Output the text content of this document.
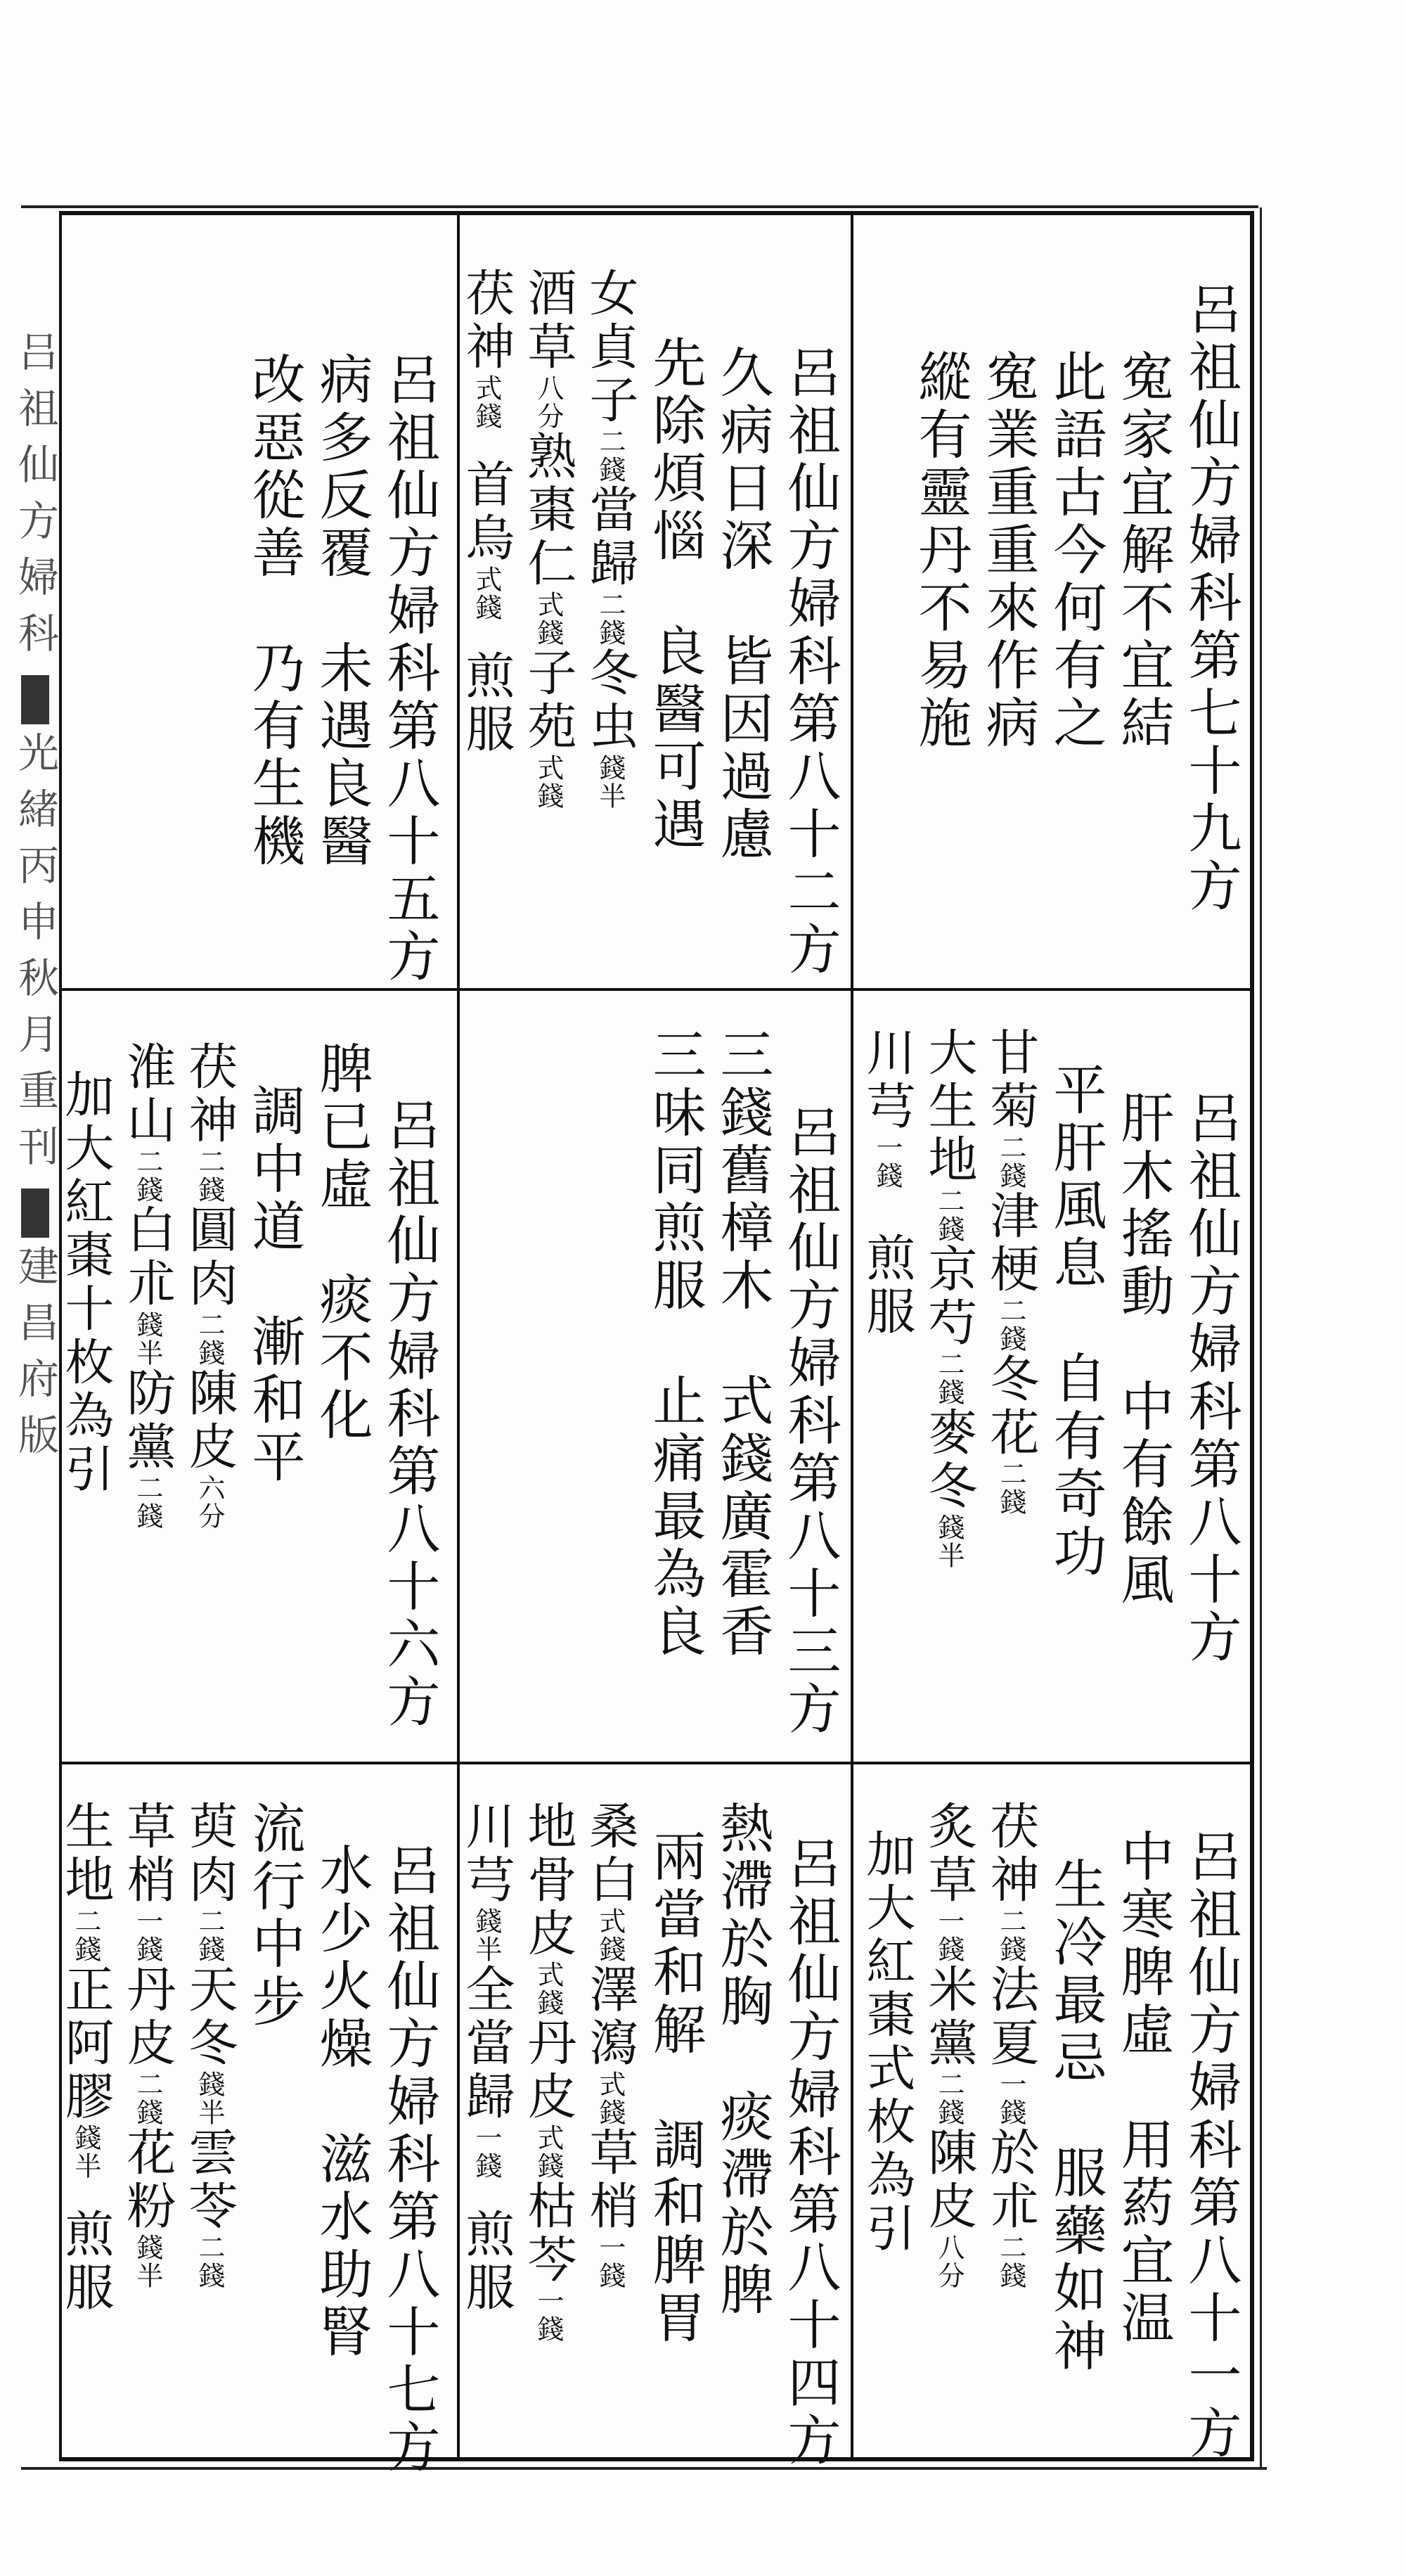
吕祖仙方婦科光緒丙申秋月重刊建昌府版
呂祖仙方婦科第七十九方
寃家宜解不宜結
此語古今何有之
寃業重重來作病
縱有靈丹不易施
呂祖仙方婦科第八十二方
久病日深　皆因過慮
先除煩惱　良醫可遇
女貞子二錢當歸二錢冬虫錢半
酒草八分熟棗仁式錢子苑式錢
茯神式錢首烏式錢煎服
呂祖仙方婦科第八十五方
病多反覆　未遇良醫
改惡從善　乃有生機
呂祖仙方婦科第八十方
肝木搖動　中有餘風
平肝風息　自有奇功
甘菊二錢津梗二錢冬花二錢
大生地二錢京芍二錢麥冬錢半
川芎一錢煎服
呂祖仙方婦科第八十三方
三錢舊樟木　式錢廣霍香
三味同煎服　止痛最為良
呂祖仙方婦科第八十六方
脾已虛　痰不化
調中道　漸和平
茯神二錢圓肉二錢陳皮六分
淮山二錢白朮錢半防黨二錢
加大紅棗十枚為引
呂祖仙方婦科第八十一方
中寒脾虛　用葯宜温
生冷最忌　服藥如神
茯神二錢法夏一錢於朮二錢
炙草一錢米黨二錢陳皮八分
加大紅棗式枚為引
呂祖仙方婦科第八十四方
熱滯於胸　痰滯於脾
兩當和解　調和脾胃
桑白式錢澤瀉式錢草梢一錢
地骨皮式錢丹皮式錢枯芩一錢
川芎錢半全當歸一錢煎服
呂祖仙方婦科第八十七方
水少火燥　滋水助腎
流行中步
萸肉二錢天冬錢半雲苓二錢
草梢一錢丹皮二錢花粉錢半
生地二錢正阿膠錢半煎服
